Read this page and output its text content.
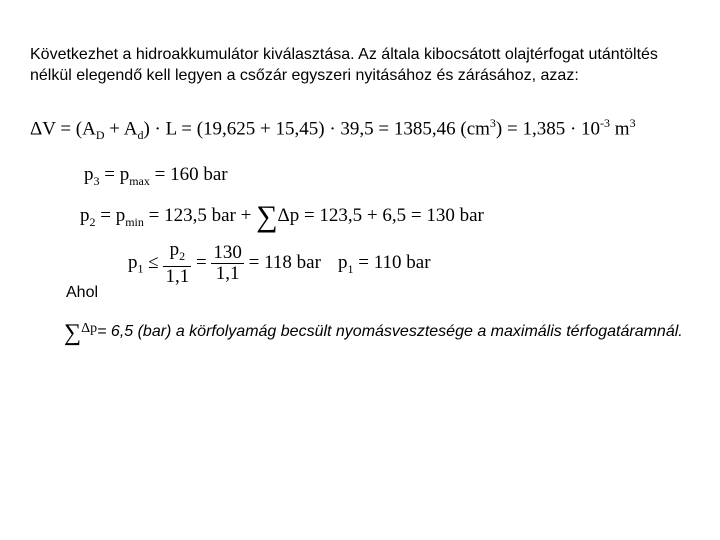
Következhet a hidroakkumulátor kiválasztása. Az általa kibocsátott olajtérfogat utántöltés nélkül elegendő kell legyen a csőzár egyszeri nyitásához és zárásához, azaz:
$\Delta V = (A_D + A_d) \cdot L = (19,625 + 15,45) \cdot 39,5 = 1385,46$ $(cm^3) = 1,385 \cdot 10^{-3}$ $m^3$
$p_3 = p_{max} = 160$ bar
$p_2 = p_{min} = 123,5$ bar + ∑Δp = 123,5 + 6,5 = 130 bar
$p_1 \le \frac{p_2}{1,1} = \frac{130}{1,1} = 118$ bar $p_1 = 110$ bar
Ahol
∑Δp= 6,5 (bar) a körfolyamág becsült nyomásvesztesége a maximális térfogatáramnál.
